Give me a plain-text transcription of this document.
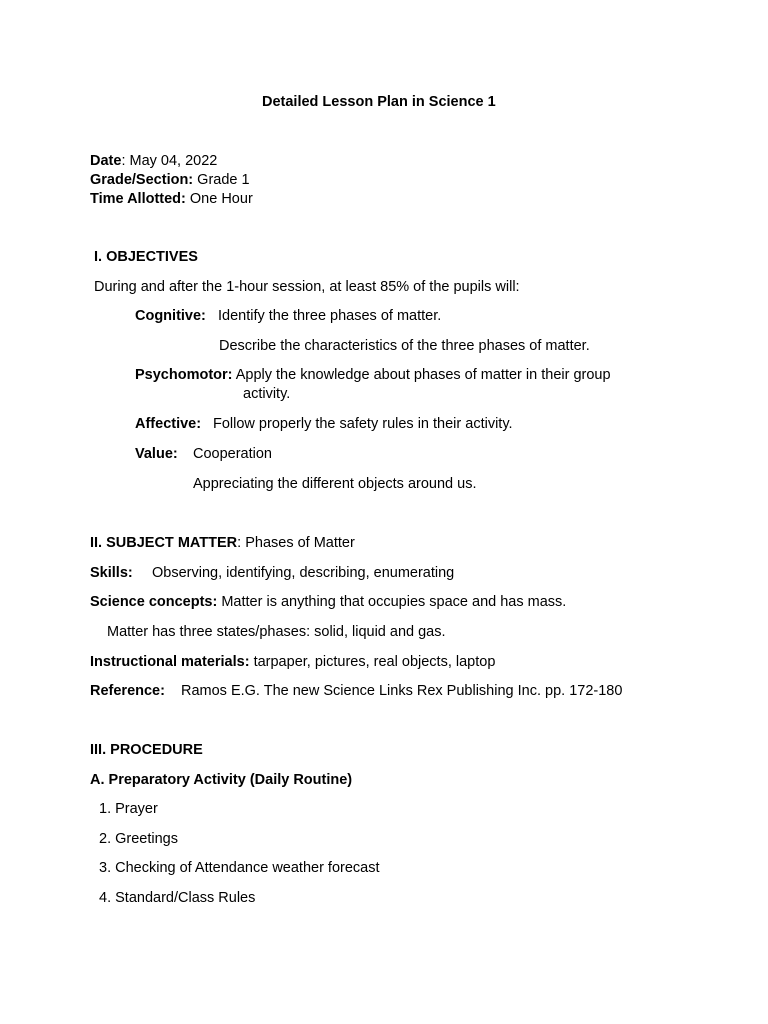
Detailed Lesson Plan in Science 1
Date: May 04, 2022
Grade/Section: Grade 1
Time Allotted: One Hour
I. OBJECTIVES
During and after the 1-hour session, at least 85% of the pupils will:
Cognitive: Identify the three phases of matter.
Describe the characteristics of the three phases of matter.
Psychomotor: Apply the knowledge about phases of matter in their group
activity.
Affective: Follow properly the safety rules in their activity.
Value: Cooperation
Appreciating the different objects around us.
II. SUBJECT MATTER: Phases of Matter
Skills: Observing, identifying, describing, enumerating
Science concepts: Matter is anything that occupies space and has mass.
Matter has three states/phases: solid, liquid and gas.
Instructional materials: tarpaper, pictures, real objects, laptop
Reference: Ramos E.G. The new Science Links Rex Publishing Inc. pp. 172-180
III. PROCEDURE
A. Preparatory Activity (Daily Routine)
1. Prayer
2. Greetings
3. Checking of Attendance weather forecast
4. Standard/Class Rules
